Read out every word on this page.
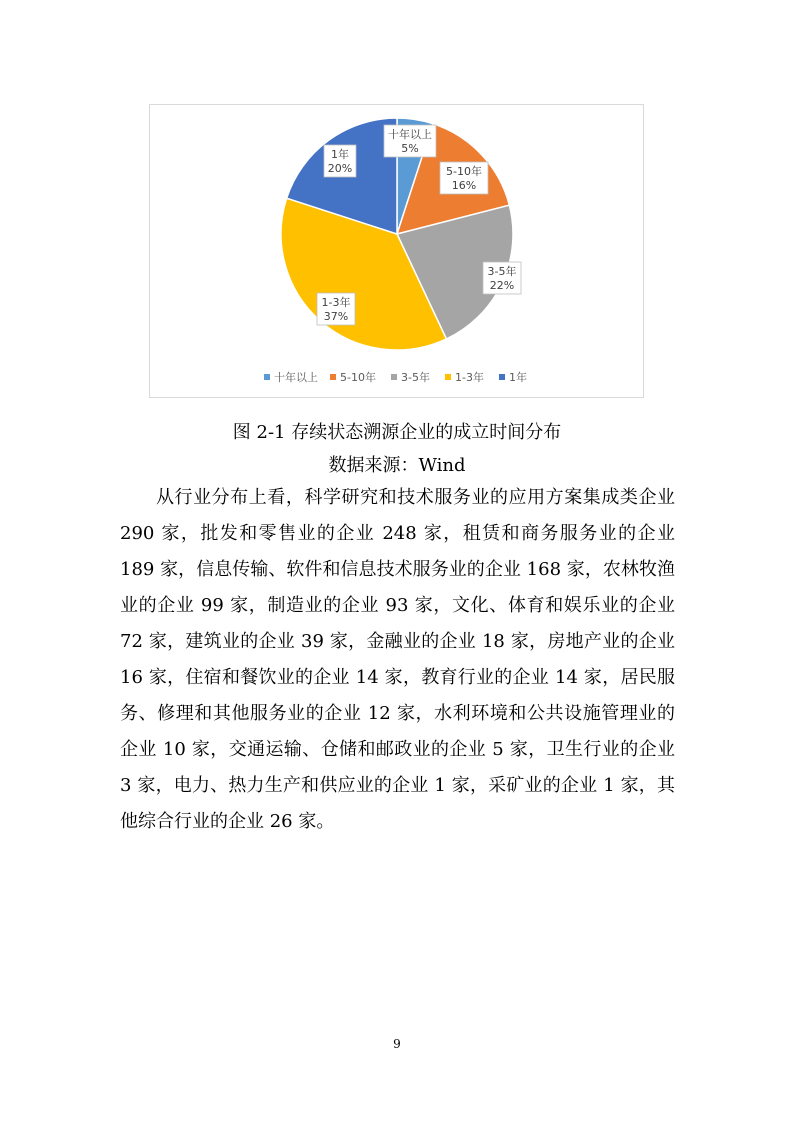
十年以上
5%
5-10年
16%
3-5年
22%
1-3年
37%
1年
20%
十年以上 5-10年 3-5年 1-3年 1年
图 2-1 存续状态溯源企业的成立时间分布
数据来源：Wind

从行业分布上看，科学研究和技术服务业的应用方案集成类企业 290 家，批发和零售业的企业 248 家，租赁和商务服务业的企业 189 家，信息传输、软件和信息技术服务业的企业 168 家，农林牧渔业的企业 99 家，制造业的企业 93 家，文化、体育和娱乐业的企业 72 家，建筑业的企业 39 家，金融业的企业 18 家，房地产业的企业 16 家，住宿和餐饮业的企业 14 家，教育行业的企业 14 家，居民服务、修理和其他服务业的企业 12 家，水利环境和公共设施管理业的企业 10 家，交通运输、仓储和邮政业的企业 5 家，卫生行业的企业 3 家，电力、热力生产和供应业的企业 1 家，采矿业的企业 1 家，其他综合行业的企业 26 家。

9
